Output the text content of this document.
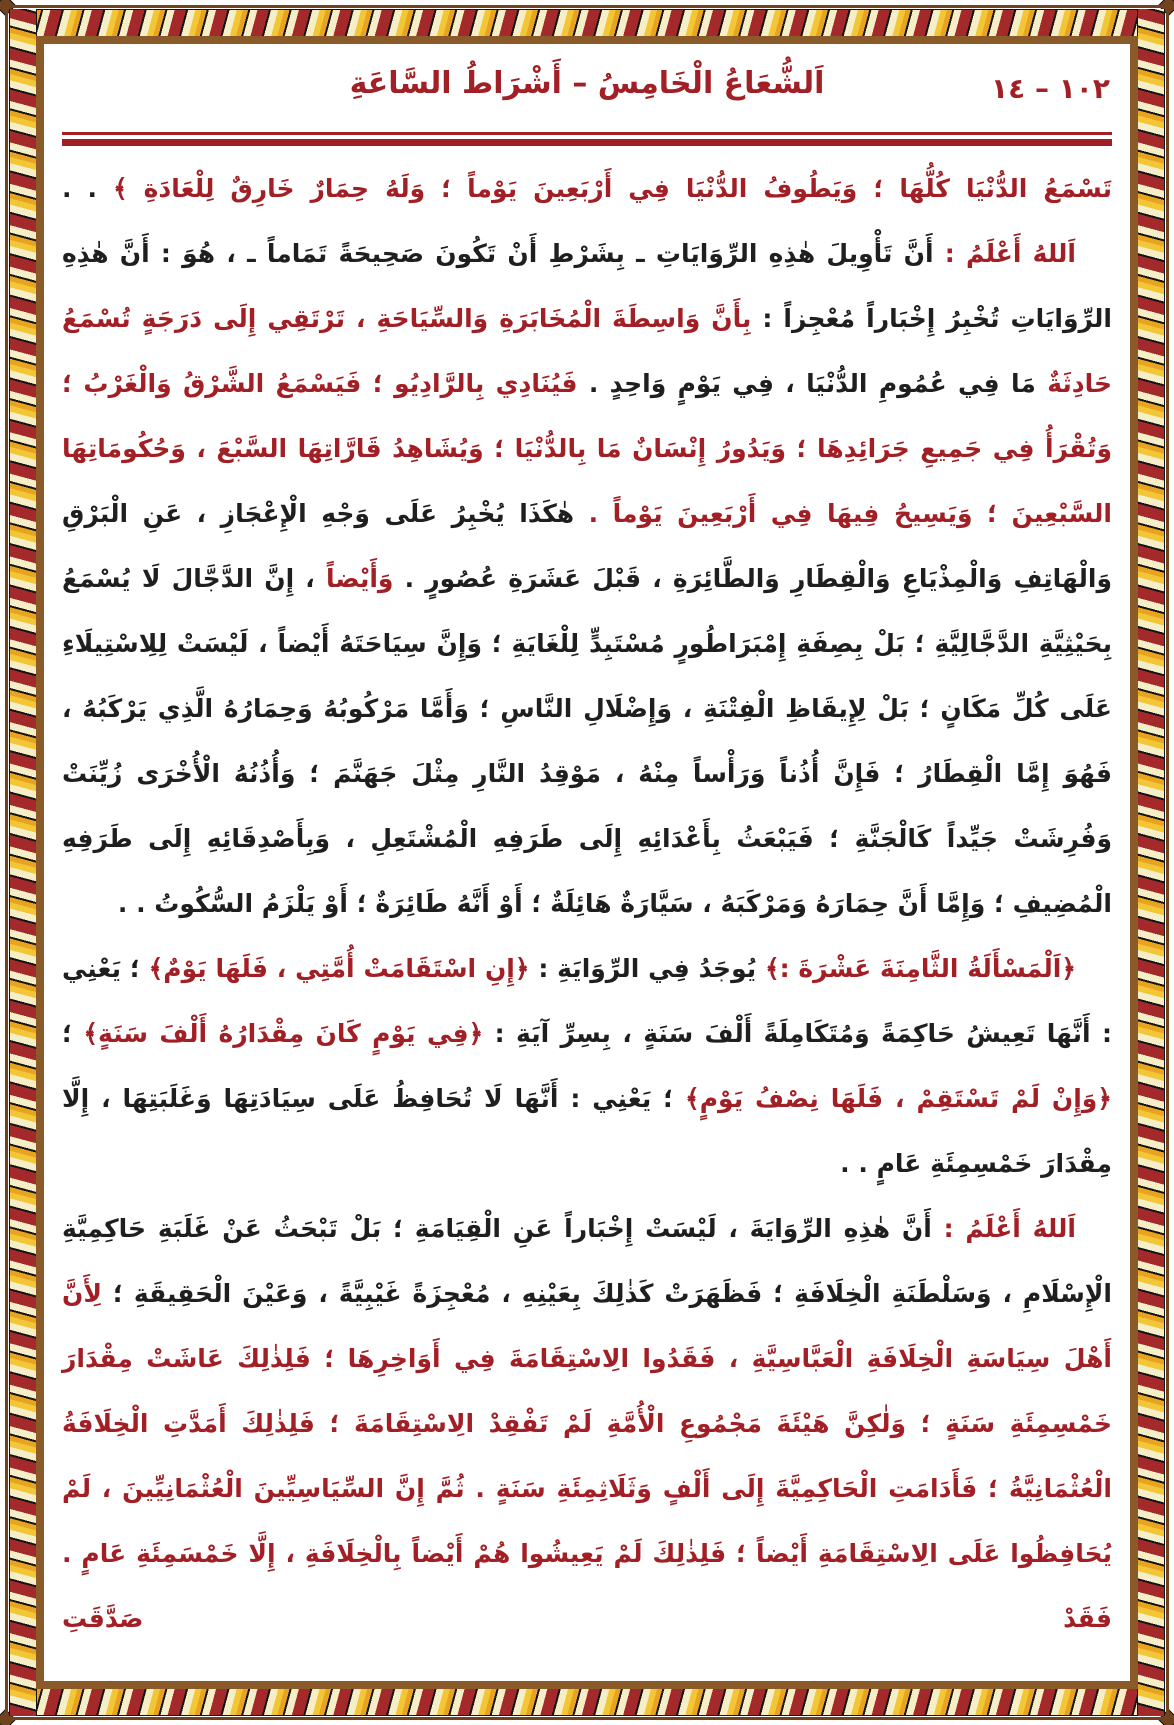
اَلشُّعَاعُ الْخَامِسُ – أَشْرَاطُ السَّاعَةِ	١٠٢ – ١٤

تَسْمَعُ الدُّنْيَا كُلُّهَا ؛ وَيَطُوفُ الدُّنْيَا فِي أَرْبَعِينَ يَوْماً ؛ وَلَهُ حِمَارٌ خَارِقٌ لِلْعَادَةِ ﴾ . .

اَللهُ أَعْلَمُ : أَنَّ تَأْوِيلَ هٰذِهِ الرِّوَايَاتِ ـ بِشَرْطِ أَنْ تَكُونَ صَحِيحَةً تَمَاماً ـ ، هُوَ : أَنَّ هٰذِهِ الرِّوَايَاتِ تُخْبِرُ إِخْبَاراً مُعْجِزاً : بِأَنَّ وَاسِطَةَ الْمُخَابَرَةِ وَالسِّيَاحَةِ ، تَرْتَقِي إِلَى دَرَجَةٍ تُسْمَعُ حَادِثَةٌ مَا فِي عُمُومِ الدُّنْيَا ، فِي يَوْمٍ وَاحِدٍ . فَيُنَادِي بِالرَّادِيُو ؛ فَيَسْمَعُ الشَّرْقُ وَالْغَرْبُ ؛ وَتُقْرَأُ فِي جَمِيعِ جَرَائِدِهَا ؛ وَيَدُورُ إِنْسَانٌ مَا بِالدُّنْيَا ؛ وَيُشَاهِدُ قَارَّاتِهَا السَّبْعَ ، وَحُكُومَاتِهَا السَّبْعِينَ ؛ وَيَسِيحُ فِيهَا فِي أَرْبَعِينَ يَوْماً . هٰكَذَا يُخْبِرُ عَلَى وَجْهِ الْإِعْجَازِ ، عَنِ الْبَرْقِ وَالْهَاتِفِ وَالْمِذْيَاعِ وَالْقِطَارِ وَالطَّائِرَةِ ، قَبْلَ عَشَرَةِ عُصُورٍ . وَأَيْضاً ، إِنَّ الدَّجَّالَ لَا يُسْمَعُ بِحَيْثِيَّةِ الدَّجَّالِيَّةِ ؛ بَلْ بِصِفَةِ إِمْبَرَاطُورٍ مُسْتَبِدٍّ لِلْغَايَةِ ؛ وَإِنَّ سِيَاحَتَهُ أَيْضاً ، لَيْسَتْ لِلِاسْتِيلَاءِ عَلَى كُلِّ مَكَانٍ ؛ بَلْ لِإِيقَاظِ الْفِتْنَةِ ، وَإِضْلَالِ النَّاسِ ؛ وَأَمَّا مَرْكُوبُهُ وَحِمَارُهُ الَّذِي يَرْكَبُهُ ، فَهُوَ إِمَّا الْقِطَارُ ؛ فَإِنَّ أُذُناً وَرَأْساً مِنْهُ ، مَوْقِدُ النَّارِ مِثْلَ جَهَنَّمَ ؛ وَأُذُنُهُ الْأُخْرَى زُيِّنَتْ وَفُرِشَتْ جَيِّداً كَالْجَنَّةِ ؛ فَيَبْعَثُ بِأَعْدَائِهِ إِلَى طَرَفِهِ الْمُشْتَعِلِ ، وَبِأَصْدِقَائِهِ إِلَى طَرَفِهِ الْمُضِيفِ ؛ وَإِمَّا أَنَّ حِمَارَهُ وَمَرْكَبَهُ ، سَيَّارَةٌ هَائِلَةٌ ؛ أَوْ أَنَّهُ طَائِرَةٌ ؛ أَوْ يَلْزَمُ السُّكُوتُ . .

﴿اَلْمَسْأَلَةُ الثَّامِنَةَ عَشْرَةَ :﴾ يُوجَدُ فِي الرِّوَايَةِ : ﴿إِنِ اسْتَقَامَتْ أُمَّتِي ، فَلَهَا يَوْمٌ﴾ ؛ يَعْنِي : أَنَّهَا تَعِيشُ حَاكِمَةً وَمُتَكَامِلَةً أَلْفَ سَنَةٍ ، بِسِرِّ آيَةِ : ﴿فِي يَوْمٍ كَانَ مِقْدَارُهُ أَلْفَ سَنَةٍ﴾ ؛ ﴿وَإِنْ لَمْ تَسْتَقِمْ ، فَلَهَا نِصْفُ يَوْمٍ﴾ ؛ يَعْنِي : أَنَّهَا لَا تُحَافِظُ عَلَى سِيَادَتِهَا وَغَلَبَتِهَا ، إِلَّا مِقْدَارَ خَمْسِمِئَةِ عَامٍ . .

اَللهُ أَعْلَمُ : أَنَّ هٰذِهِ الرِّوَايَةَ ، لَيْسَتْ إِخْبَاراً عَنِ الْقِيَامَةِ ؛ بَلْ تَبْحَثُ عَنْ غَلَبَةِ حَاكِمِيَّةِ الْإِسْلَامِ ، وَسَلْطَنَةِ الْخِلَافَةِ ؛ فَظَهَرَتْ كَذٰلِكَ بِعَيْنِهِ ، مُعْجِزَةً غَيْبِيَّةً ، وَعَيْنَ الْحَقِيقَةِ ؛ لِأَنَّ أَهْلَ سِيَاسَةِ الْخِلَافَةِ الْعَبَّاسِيَّةِ ، فَقَدُوا الِاسْتِقَامَةَ فِي أَوَاخِرِهَا ؛ فَلِذٰلِكَ عَاشَتْ مِقْدَارَ خَمْسِمِئَةِ سَنَةٍ ؛ وَلٰكِنَّ هَيْئَةَ مَجْمُوعِ الْأُمَّةِ لَمْ تَفْقِدْ الِاسْتِقَامَةَ ؛ فَلِذٰلِكَ أَمَدَّتِ الْخِلَافَةُ الْعُثْمَانِيَّةُ ؛ فَأَدَامَتِ الْحَاكِمِيَّةَ إِلَى أَلْفٍ وَثَلَاثِمِئَةِ سَنَةٍ . ثُمَّ إِنَّ السِّيَاسِيِّينَ الْعُثْمَانِيِّينَ ، لَمْ يُحَافِظُوا عَلَى الِاسْتِقَامَةِ أَيْضاً ؛ فَلِذٰلِكَ لَمْ يَعِيشُوا هُمْ أَيْضاً بِالْخِلَافَةِ ، إِلَّا خَمْسَمِئَةِ عَامٍ . فَقَدْ صَدَّقَتِ
